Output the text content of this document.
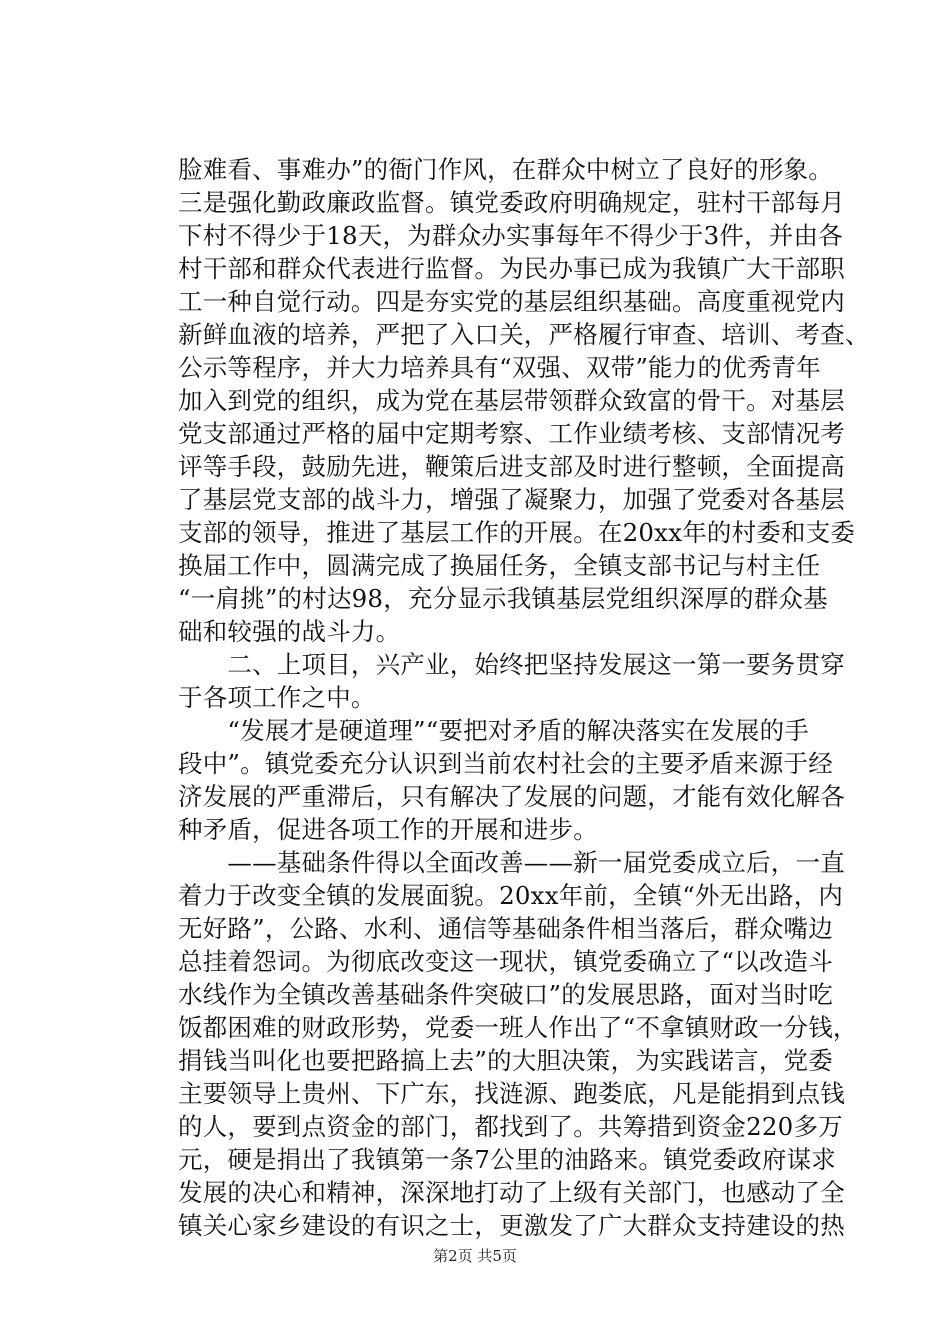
脸难看、事难办”的衙门作风，在群众中树立了良好的形象。
三是强化勤政廉政监督。镇党委政府明确规定，驻村干部每月
下村不得少于18天，为群众办实事每年不得少于3件，并由各
村干部和群众代表进行监督。为民办事已成为我镇广大干部职
工一种自觉行动。四是夯实党的基层组织基础。高度重视党内
新鲜血液的培养，严把了入口关，严格履行审查、培训、考查、
公示等程序，并大力培养具有“双强、双带”能力的优秀青年
加入到党的组织，成为党在基层带领群众致富的骨干。对基层
党支部通过严格的届中定期考察、工作业绩考核、支部情况考
评等手段，鼓励先进，鞭策后进支部及时进行整顿，全面提高
了基层党支部的战斗力，增强了凝聚力，加强了党委对各基层
支部的领导，推进了基层工作的开展。在20xx年的村委和支委
换届工作中，圆满完成了换届任务，全镇支部书记与村主任
“一肩挑”的村达98，充分显示我镇基层党组织深厚的群众基
础和较强的战斗力。
　　二、上项目，兴产业，始终把坚持发展这一第一要务贯穿
于各项工作之中。
　　“发展才是硬道理”“要把对矛盾的解决落实在发展的手
段中”。镇党委充分认识到当前农村社会的主要矛盾来源于经
济发展的严重滞后，只有解决了发展的问题，才能有效化解各
种矛盾，促进各项工作的开展和进步。
　　——基础条件得以全面改善——新一届党委成立后，一直
着力于改变全镇的发展面貌。20xx年前，全镇“外无出路，内
无好路”，公路、水利、通信等基础条件相当落后，群众嘴边
总挂着怨词。为彻底改变这一现状，镇党委确立了“以改造斗
水线作为全镇改善基础条件突破口”的发展思路，面对当时吃
饭都困难的财政形势，党委一班人作出了“不拿镇财政一分钱，
捐钱当叫化也要把路搞上去”的大胆决策，为实践诺言，党委
主要领导上贵州、下广东，找涟源、跑娄底，凡是能捐到点钱
的人，要到点资金的部门，都找到了。共筹措到资金220多万
元，硬是捐出了我镇第一条7公里的油路来。镇党委政府谋求
发展的决心和精神，深深地打动了上级有关部门，也感动了全
镇关心家乡建设的有识之士，更激发了广大群众支持建设的热
第2页 共5页
